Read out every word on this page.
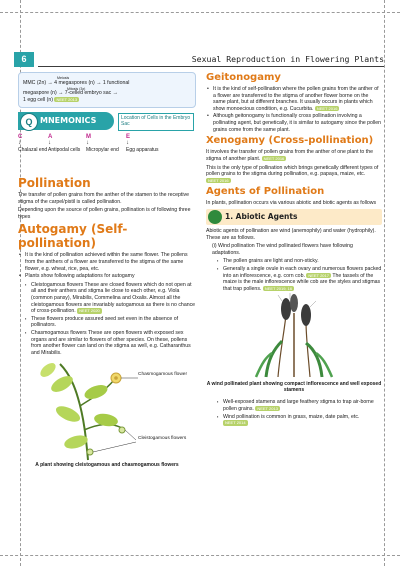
6	Sexual Reproduction in Flowering Plants
Meiosis
MMC (2n) → 4 megaspores (n) → 1 functional
Mitosis (3x)
megaspore (n) → 7-celled embryo sac →
1 egg cell (n) NEET 2013
Q MNEMONICS	Location of Cells in the Embryo Sac
C
↓
Chalazal end
A
↓
Antipodal cells
M
↓
Micropylar end
E
↓
Egg apparatus
Pollination

The transfer of pollen grains from the anther of the stamen to the receptive stigma of the carpel/pistil is called pollination.

Depending upon the source of pollen grains, pollination is of following three types

Autogamy (Self-pollination)
• It is the kind of pollination achieved within the same flower. The pollens from the anthers of a flower are transferred to the stigma of the same flower, e.g. wheat, rice, pea, etc.
• Plants show following adaptations for autogamy
▪ Cleistogamous flowers These are closed flowers which do not open at all and their anthers and stigma lie close to each other, e.g. Viola (common pansy), Mirabilis, Commelina and Oxalis. Almost all the cleistogamous flowers are invariably autogamous as there is no chance of cross-pollination. NEET 2020
▪ These flowers produce assured seed set even in the absence of pollinators.
▪ Chasmogamous flowers These are open flowers with exposed sex organs and are similar to flowers of other species. On these, pollens from another flower can land on the stigma as well, e.g. Catharanthus and Mirabilis.
Chasmogamous flower
Cleistogamous flowers
A plant showing cleistogamous and chasmogamous flowers
Geitonogamy
• It is the kind of self-pollination where the pollen grains from the anther of a flower are transferred to the stigma of another flower borne on the same plant, but at different branches. It usually occurs in plants which show monoecious condition, e.g. Cucurbita. NEET 2016
• Although geitonogamy is functionally cross pollination involving a pollinating agent, but genetically, it is similar to autogamy since the pollen grains come from the same plant.
Xenogamy (Cross-pollination)

It involves the transfer of pollen grains from the anther of one plant to the stigma of another plant. NEET 2016

This is the only type of pollination which brings genetically different types of pollen grains to the stigma during pollination, e.g. papaya, maize, etc. NEET 2016

Agents of Pollination

In plants, pollination occurs via various abiotic and biotic agents as follows

1. Abiotic Agents

Abiotic agents of pollination are wind (anemophily) and water (hydrophily). These are as follows.

(i) Wind pollination The wind pollinated flowers have following adaptations.

▪ The pollen grains are light and non-sticky.
▪ Generally a single ovule in each ovary and numerous flowers packed into an inflorescence, e.g. corn cob. NEET 2017 The tassels of the maize is the male inflorescence while cob are the styles and stigmas that trap pollens. NEET 2019, 16
A wind pollinated plant showing compact inflorescence and well exposed stamens
▪ Well-exposed stamens and large feathery stigma to trap air-borne pollen grains. NEET 2013
▪ Wind pollination is common in grass, maize, date palm, etc. NEET 2014
